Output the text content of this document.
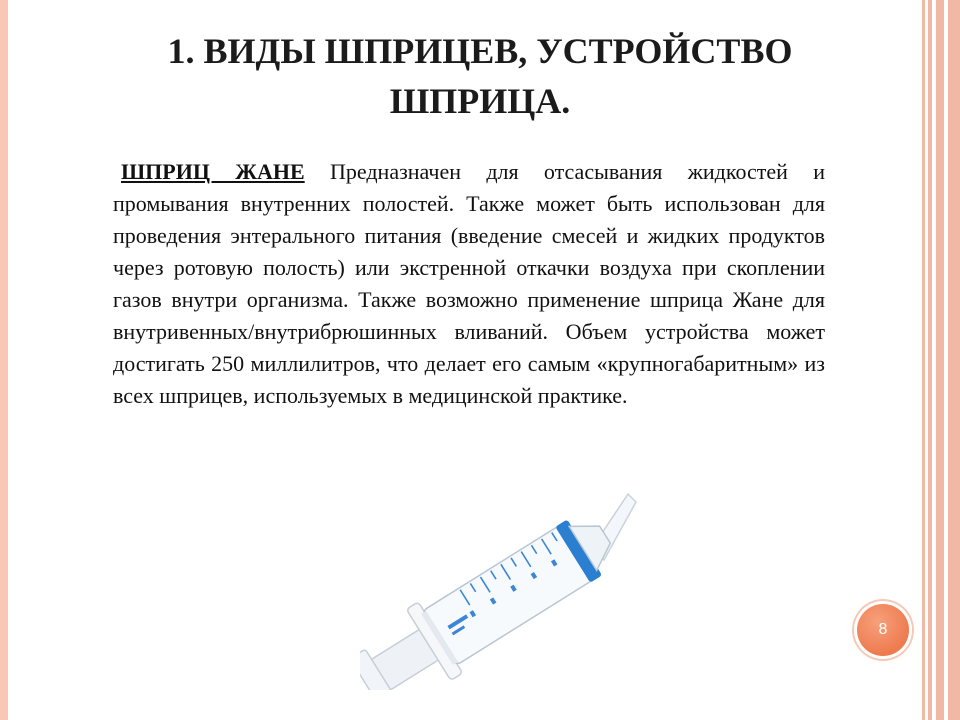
1. ВИДЫ ШПРИЦЕВ, УСТРОЙСТВО
ШПРИЦА.

ШПРИЦ ЖАНЕ Предназначен для отсасывания жидкостей и промывания внутренних полостей. Также может быть использован для проведения энтерального питания (введение смесей и жидких продуктов через ротовую полость) или экстренной откачки воздуха при скоплении газов внутри организма. Также возможно применение шприца Жане для внутривенных/внутрибрюшинных вливаний. Объем устройства может достигать 250 миллилитров, что делает его самым «крупногабаритным» из всех шприцев, используемых в медицинской практике.

8
